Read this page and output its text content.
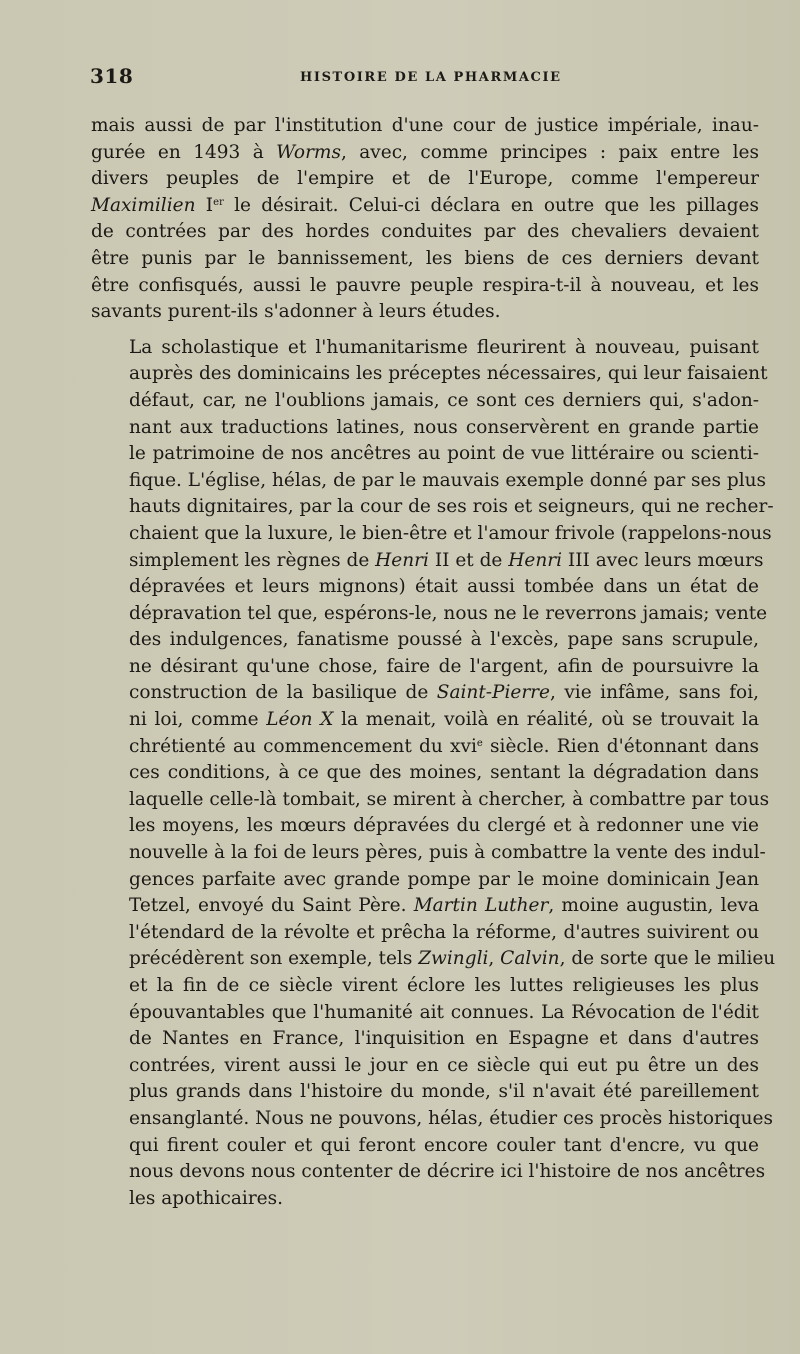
318	HISTOIRE DE LA PHARMACIE

mais aussi de par l'institution d'une cour de justice impériale, inau-
gurée en 1493 à Worms, avec, comme principes : paix entre les
divers peuples de l'empire et de l'Europe, comme l'empereur
Maximilien Ier le désirait. Celui-ci déclara en outre que les pillages
de contrées par des hordes conduites par des chevaliers devaient
être punis par le bannissement, les biens de ces derniers devant
être confisqués, aussi le pauvre peuple respira-t-il à nouveau, et les
savants purent-ils s'adonner à leurs études.

La scholastique et l'humanitarisme fleurirent à nouveau, puisant
auprès des dominicains les préceptes nécessaires, qui leur faisaient
défaut, car, ne l'oublions jamais, ce sont ces derniers qui, s'adon-
nant aux traductions latines, nous conservèrent en grande partie
le patrimoine de nos ancêtres au point de vue littéraire ou scienti-
fique. L'église, hélas, de par le mauvais exemple donné par ses plus
hauts dignitaires, par la cour de ses rois et seigneurs, qui ne recher-
chaient que la luxure, le bien-être et l'amour frivole (rappelons-nous
simplement les règnes de Henri II et de Henri III avec leurs mœurs
dépravées et leurs mignons) était aussi tombée dans un état de
dépravation tel que, espérons-le, nous ne le reverrons jamais; vente
des indulgences, fanatisme poussé à l'excès, pape sans scrupule,
ne désirant qu'une chose, faire de l'argent, afin de poursuivre la
construction de la basilique de Saint-Pierre, vie infâme, sans foi,
ni loi, comme Léon X la menait, voilà en réalité, où se trouvait la
chrétienté au commencement du xvi$^e$ siècle. Rien d'étonnant dans
ces conditions, à ce que des moines, sentant la dégradation dans
laquelle celle-là tombait, se mirent à chercher, à combattre par tous
les moyens, les mœurs dépravées du clergé et à redonner une vie
nouvelle à la foi de leurs pères, puis à combattre la vente des indul-
gences parfaite avec grande pompe par le moine dominicain Jean
Tetzel, envoyé du Saint Père. Martin Luther, moine augustin, leva
l'étendard de la révolte et prêcha la réforme, d'autres suivirent ou
précédèrent son exemple, tels Zwingli, Calvin, de sorte que le milieu
et la fin de ce siècle virent éclore les luttes religieuses les plus
épouvantables que l'humanité ait connues. La Révocation de l'édit
de Nantes en France, l'inquisition en Espagne et dans d'autres
contrées, virent aussi le jour en ce siècle qui eut pu être un des
plus grands dans l'histoire du monde, s'il n'avait été pareillement
ensanglanté. Nous ne pouvons, hélas, étudier ces procès historiques
qui firent couler et qui feront encore couler tant d'encre, vu que
nous devons nous contenter de décrire ici l'histoire de nos ancêtres
les apothicaires.
